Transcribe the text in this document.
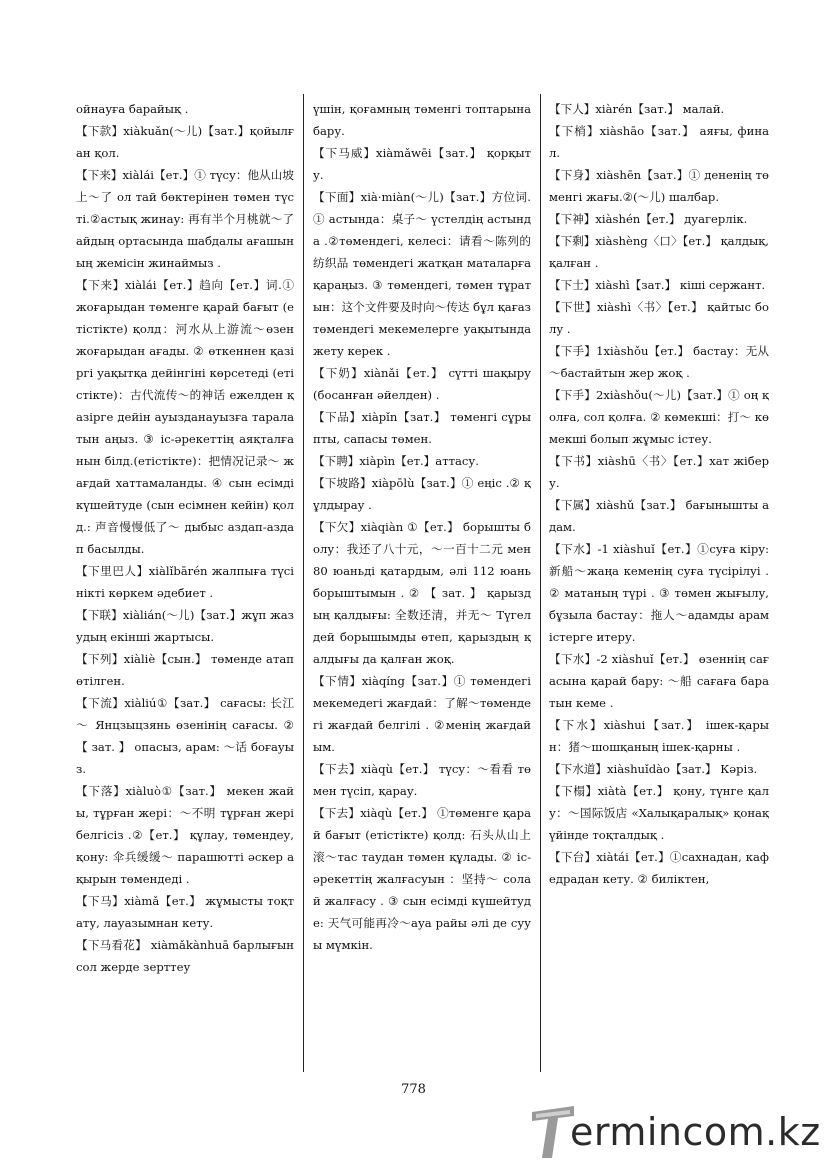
ойнауға барайық .

【下款】xiàkuǎn(～儿)【зат.】қойылған қол.

【下来】xiàlái【ет.】① түсу：他从山坡上～了 ол тай бөктерінен төмен түсті.②астық жинау: 再有半个月桃就～了 айдың ортасында шабдалы ағашының жемісін жинаймыз .

【下来】xiàlái【ет.】趋向【ет.】词.① жоғарыдан төменге қарай бағыт (етістікте) қолд：河水从上游流～өзен жоғарыдан ағады. ② өткеннен қазіргі уақытқа дейінгіні көрсетеді (етістікте)：古代流传～的神话 ежелден қазірге дейін ауызданауызға таралатын аңыз. ③ іс-әрекеттің аяқталғанын білд.(етістікте)：把情况记录～ жағдай хаттамаланды. ④ сын есімді күшейтуде (сын есімнен кейін) қолд.: 声音慢慢低了～ дыбыс аздап-аздап басылды.

【下里巴人】xiàlǐbārén жалпыға түсінікті көркем әдебиет .

【下联】xiàlián(～儿)【зат.】жұп жазудың екінші жартысы.

【下列】xiàliè【сын.】 төменде атап өтілген.

【下流】xiàliú①【зат.】 сағасы: 长江～ Янцзыцзянь өзенінің сағасы. ② 【 зат. 】 опасыз, арам: ～话 боғауыз.

【下落】xiàluò①【зат.】 мекен жайы, тұрған жері：～不明 тұрған жері белгісіз .②【ет.】 құлау, төмендеу, қону: 伞兵缓缓～ парашютті әскер ақырын төмендеді .

【下马】xiàmǎ【ет.】 жұмысты тоқтату, лауазымнан кету.

【下马看花】 xiàmǎkànhuā барлығын сол жерде зерттеу

үшін, қоғамның төменгі топтарына бару.

【下马威】xiàmǎwēi【зат.】 қорқыту.

【下面】xià·miàn(～儿)【зат.】方位词.① астында：桌子～ үстелдің астында .②төмендегі, келесі：请看～陈列的纺织品 төмендегі жатқан маталарға қараңыз. ③ төмендегі, төмен тұратын：这个文件要及时向～传达 бұл қағаз төмендегі мекемелерге уақытында жету керек .

【下奶】xiànǎi【ет.】 сүтті шақыру (босанған әйелден) .

【下品】xiàpǐn【зат.】 төменгі сұрыпты, сапасы төмен.

【下聘】xiàpìn【ет.】аттасу.

【下坡路】xiàpōlù【зат.】① еңіс .② құлдырау .

【下欠】xiàqiàn ①【ет.】 борышты болу：我还了八十元，～一百十二元 мен 80 юаньді қатардым, әлі 112 юань борыштымын . ② 【 зат. 】 қарыздың қалдығы: 全数还清，并无～ Түгелдей борышымды өтеп, қарыздың қалдығы да қалған жоқ.

【下情】xiàqíng【зат.】① төмендегі мекемедегі жағдай：了解～төмендегі жағдай белгілі . ②менің жағдайым.

【下去】xiàqù【ет.】 түсу：～看看 төмен түсіп, қарау.

【下去】xiàqù【ет.】 ①төменге қарай бағыт (етістікте) қолд: 石头从山上滚～тас таудан төмен құлады. ② іс-әрекеттің жалғасуын ：坚持～ солай жалғасу . ③ сын есімді күшейтуде: 天气可能再冷～ауа райы әлі де сууы мүмкін.

【下人】xiàrén【зат.】 малай.

【下梢】xiàshāo【зат.】 аяғы, финал.

【下身】xiàshēn【зат.】① дененің төменгі жағы.②(～儿) шалбар.

【下神】xiàshén【ет.】 дуагерлік.

【下剩】xiàshèng〈口〉【ет.】 қалдық, қалған .

【下士】xiàshì【зат.】 кіші сержант.

【下世】xiàshì〈书〉【ет.】 қайтыс болу .

【下手】1xiàshǒu【ет.】 бастау：无从～бастайтын жер жоқ .

【下手】2xiàshǒu(～儿)【зат.】① оң қолға, сол қолға. ② көмекші：打～ көмекші болып жұмыс істеу.

【下书】xiàshū〈书〉【ет.】хат жіберу.

【下属】xiàshǔ【зат.】 бағынышты адам.

【下水】-1 xiàshuǐ【ет.】①суға кіру: 新船～жаңа кеменің суға түсірілуі .② матаның түрі . ③ төмен жығылу,бұзыла бастау：拖人～адамды арам істерге итеру.

【下水】-2 xiàshuǐ【ет.】 өзеннің сағасына қарай бару: ～船 сағаға баратын кеме .

【下水】xiàshui【зат.】 ішек-қарын：猪～шошқаның ішек-қарны .

【下水道】xiàshuǐdào【зат.】 Кәріз.

【下榻】xiàtà【ет.】 қону, түнге қалу：～国际饭店 «Халықаралық» қонақ үйінде тоқталдық .

【下台】xiàtái【ет.】①сахнадан, кафедрадан кету. ② биліктен,

778
ermincom.kz
